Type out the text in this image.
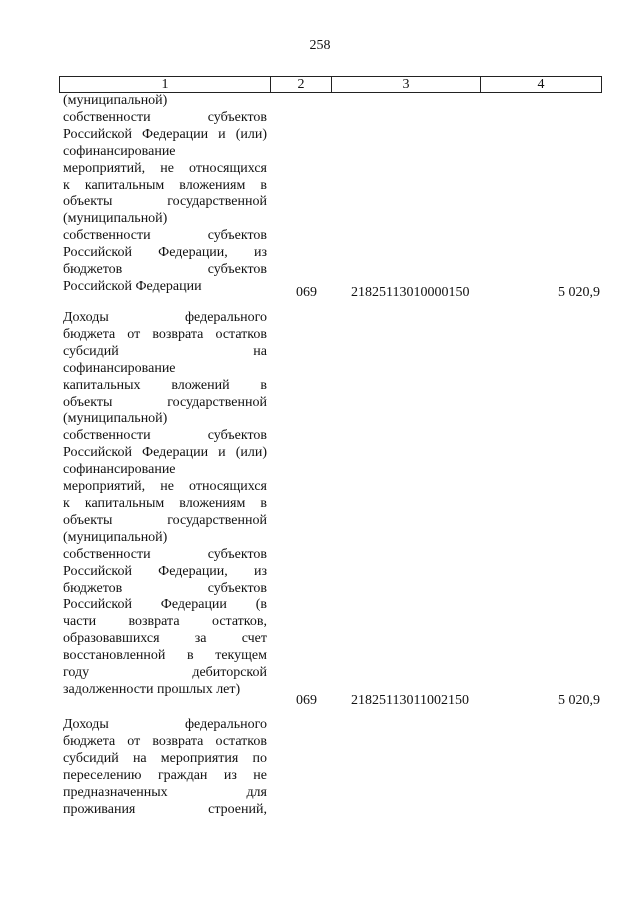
258
1	2	3	4
(муниципальной)
собственности субъектов
Российской Федерации и (или)
софинансирование
мероприятий, не относящихся
к капитальным вложениям в
объекты государственной
(муниципальной)
собственности субъектов
Российской Федерации, из
бюджетов субъектов
Российской Федерации	069	21825113010000150	5 020,9
Доходы федерального
бюджета от возврата остатков
субсидий на
софинансирование
капитальных вложений в
объекты государственной
(муниципальной)
собственности субъектов
Российской Федерации и (или)
софинансирование
мероприятий, не относящихся
к капитальным вложениям в
объекты государственной
(муниципальной)
собственности субъектов
Российской Федерации, из
бюджетов субъектов
Российской Федерации (в
части возврата остатков,
образовавшихся за счет
восстановленной в текущем
году дебиторской
задолженности прошлых лет)
069	21825113011002150	5 020,9
Доходы федерального
бюджета от возврата остатков
субсидий на мероприятия по
переселению граждан из не
предназначенных для
проживания строений,
